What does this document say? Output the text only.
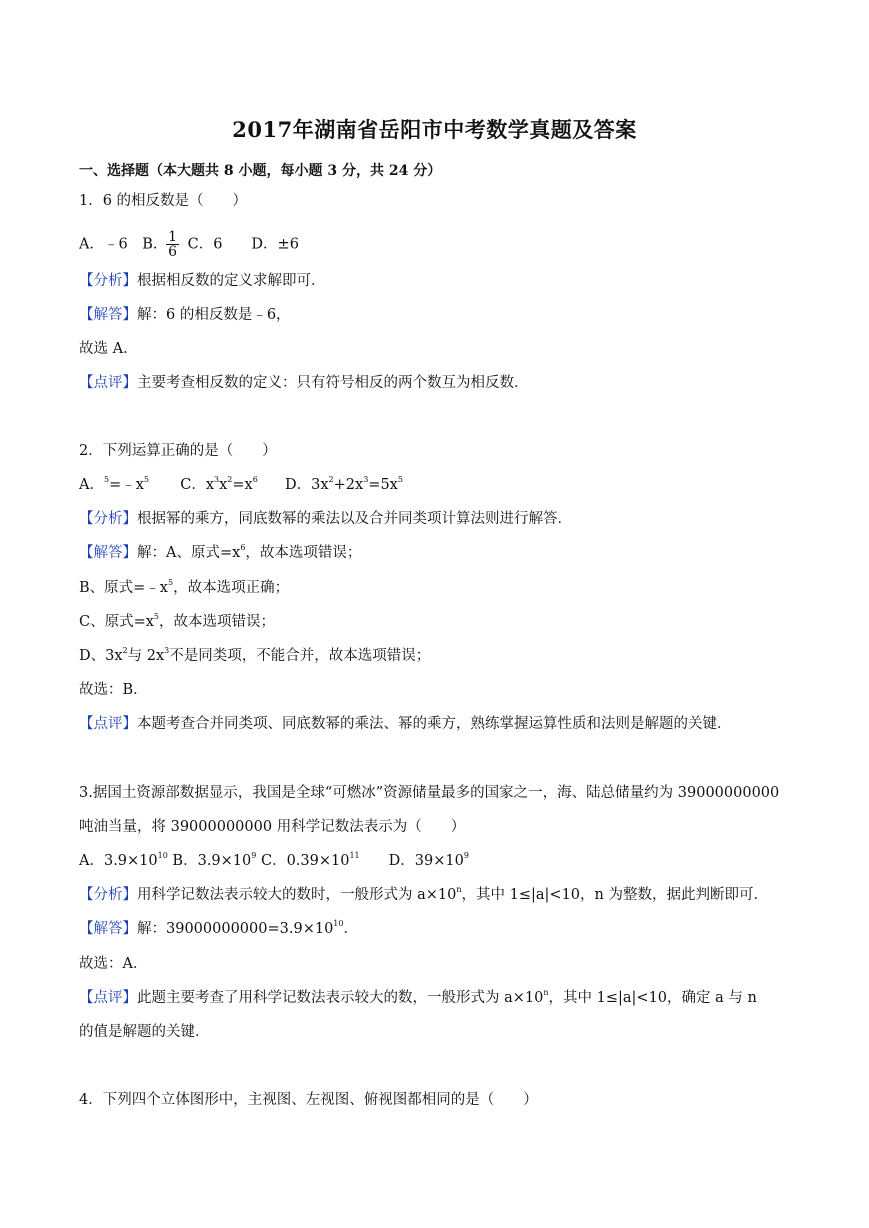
2017年湖南省岳阳市中考数学真题及答案
一、选择题（本大题共 8 小题，每小题 3 分，共 24 分）
1．6 的相反数是（　　）
A．﹣6　B. $\frac{1}{6}$ C．6　　D．±6
【分析】根据相反数的定义求解即可．
【解答】解：6 的相反数是﹣6，
故选 A．
【点评】主要考查相反数的定义：只有符号相反的两个数互为相反数．
2．下列运算正确的是（　　）
A．$^5=﹣x^5$ C．$x^3x^2=x^6$ D．$3x^2+2x^3=5x^5$
【分析】根据幂的乘方，同底数幂的乘法以及合并同类项计算法则进行解答．
【解答】解：A、原式$=x^6$，故本选项错误；
B、原式$=﹣x^5$，故本选项正确；
C、原式$=x^5$，故本选项错误；
D、$3x^2$与 $2x^3$不是同类项，不能合并，故本选项错误；
故选：B．
【点评】本题考查合并同类项、同底数幂的乘法、幂的乘方，熟练掌握运算性质和法则是解题的关键．
3.据国土资源部数据显示，我国是全球“可燃冰”资源储量最多的国家之一，海、陆总储量约为 39000000000
吨油当量，将 39000000000 用科学记数法表示为（　　）
A．$3.9\times 10^{10}$ B．$3.9\times 10^9$ C．$0.39\times 10^{11}$　　D．$39\times 10^9$
【分析】用科学记数法表示较大的数时，一般形式为 $a\times 10^n$，其中 1≤|a|<10，n 为整数，据此判断即可．
【解答】解：$39000000000=3.9\times 10^{10}$．
故选：A．
【点评】此题主要考查了用科学记数法表示较大的数，一般形式为 $a\times 10^n$，其中 1≤|a|<10，确定 a 与 n
的值是解题的关键．
4．下列四个立体图形中，主视图、左视图、俯视图都相同的是（　　）
